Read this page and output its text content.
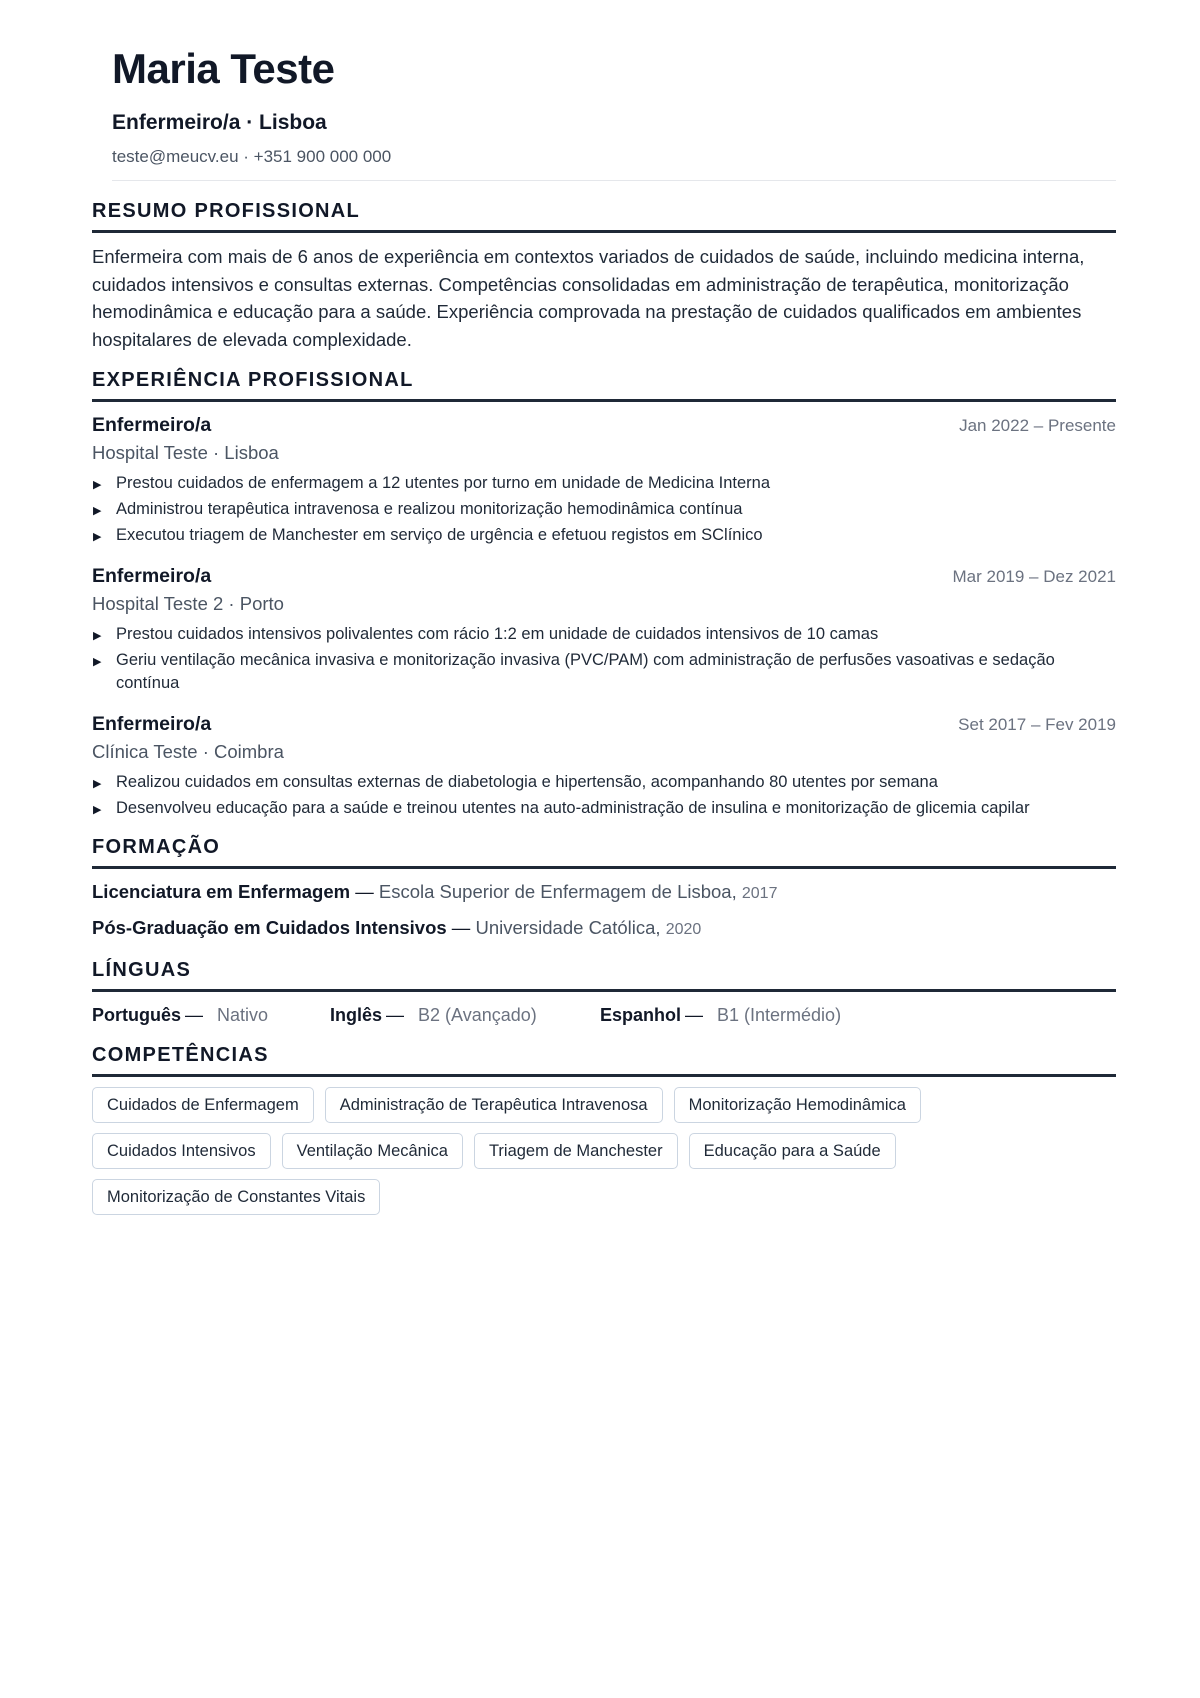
Maria Teste
Enfermeiro/a · Lisboa
teste@meucv.eu · +351 900 000 000
RESUMO PROFISSIONAL
Enfermeira com mais de 6 anos de experiência em contextos variados de cuidados de saúde, incluindo medicina interna, cuidados intensivos e consultas externas. Competências consolidadas em administração de terapêutica, monitorização hemodinâmica e educação para a saúde. Experiência comprovada na prestação de cuidados qualificados em ambientes hospitalares de elevada complexidade.
EXPERIÊNCIA PROFISSIONAL
Enfermeiro/a	Jan 2022 – Presente
Hospital Teste · Lisboa
▶ Prestou cuidados de enfermagem a 12 utentes por turno em unidade de Medicina Interna
▶ Administrou terapêutica intravenosa e realizou monitorização hemodinâmica contínua
▶ Executou triagem de Manchester em serviço de urgência e efetuou registos em SClínico
Enfermeiro/a	Mar 2019 – Dez 2021
Hospital Teste 2 · Porto
▶ Prestou cuidados intensivos polivalentes com rácio 1:2 em unidade de cuidados intensivos de 10 camas
▶ Geriu ventilação mecânica invasiva e monitorização invasiva (PVC/PAM) com administração de perfusões vasoativas e sedação contínua
Enfermeiro/a	Set 2017 – Fev 2019
Clínica Teste · Coimbra
▶ Realizou cuidados em consultas externas de diabetologia e hipertensão, acompanhando 80 utentes por semana
▶ Desenvolveu educação para a saúde e treinou utentes na auto-administração de insulina e monitorização de glicemia capilar
FORMAÇÃO
Licenciatura em Enfermagem — Escola Superior de Enfermagem de Lisboa, 2017
Pós-Graduação em Cuidados Intensivos — Universidade Católica, 2020
LÍNGUAS
Português — Nativo	Inglês — B2 (Avançado)	Espanhol — B1 (Intermédio)
COMPETÊNCIAS
Cuidados de Enfermagem	Administração de Terapêutica Intravenosa	Monitorização Hemodinâmica
Cuidados Intensivos	Ventilação Mecânica	Triagem de Manchester	Educação para a Saúde
Monitorização de Constantes Vitais
